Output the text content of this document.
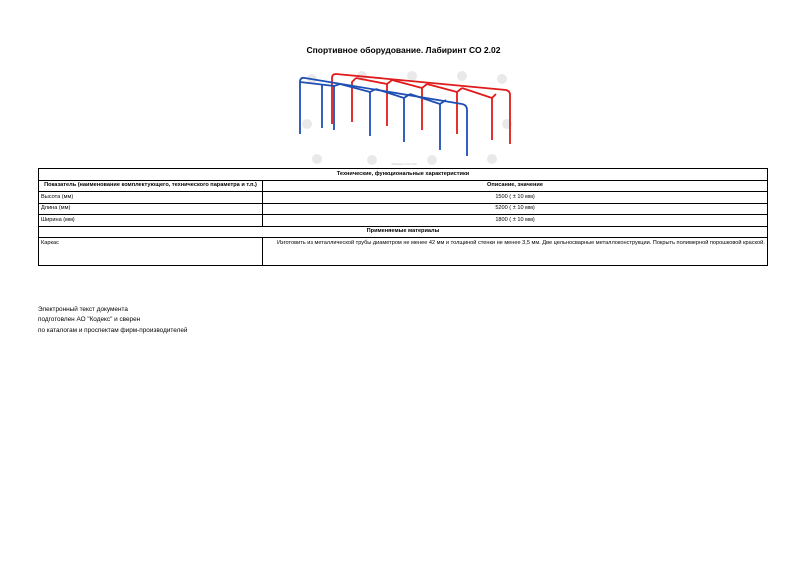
Спортивное оборудование. Лабиринт СО 2.02
Лабиринт СО 2.02
Технические, функциональные характеристики	
Показатель (наименование комплектующего, технического параметра и т.п.)	Описание, значение
Высота (мм)	1500 ( ± 10 мм)
Длина (мм)	5200 ( ± 10 мм)
Ширина (мм)	1800 ( ± 10 мм)
Применяемые материалы	
Каркас	Изготовить из металлической трубы диаметром не менее 42 мм и толщиной стенки не менее 3,5 мм. Две цельносварные металлоконструкции. Покрыть полимерной порошковой краской.
Электронный текст документа
подготовлен АО "Кодекс" и сверен
по каталогам и проспектам фирм-производителей
